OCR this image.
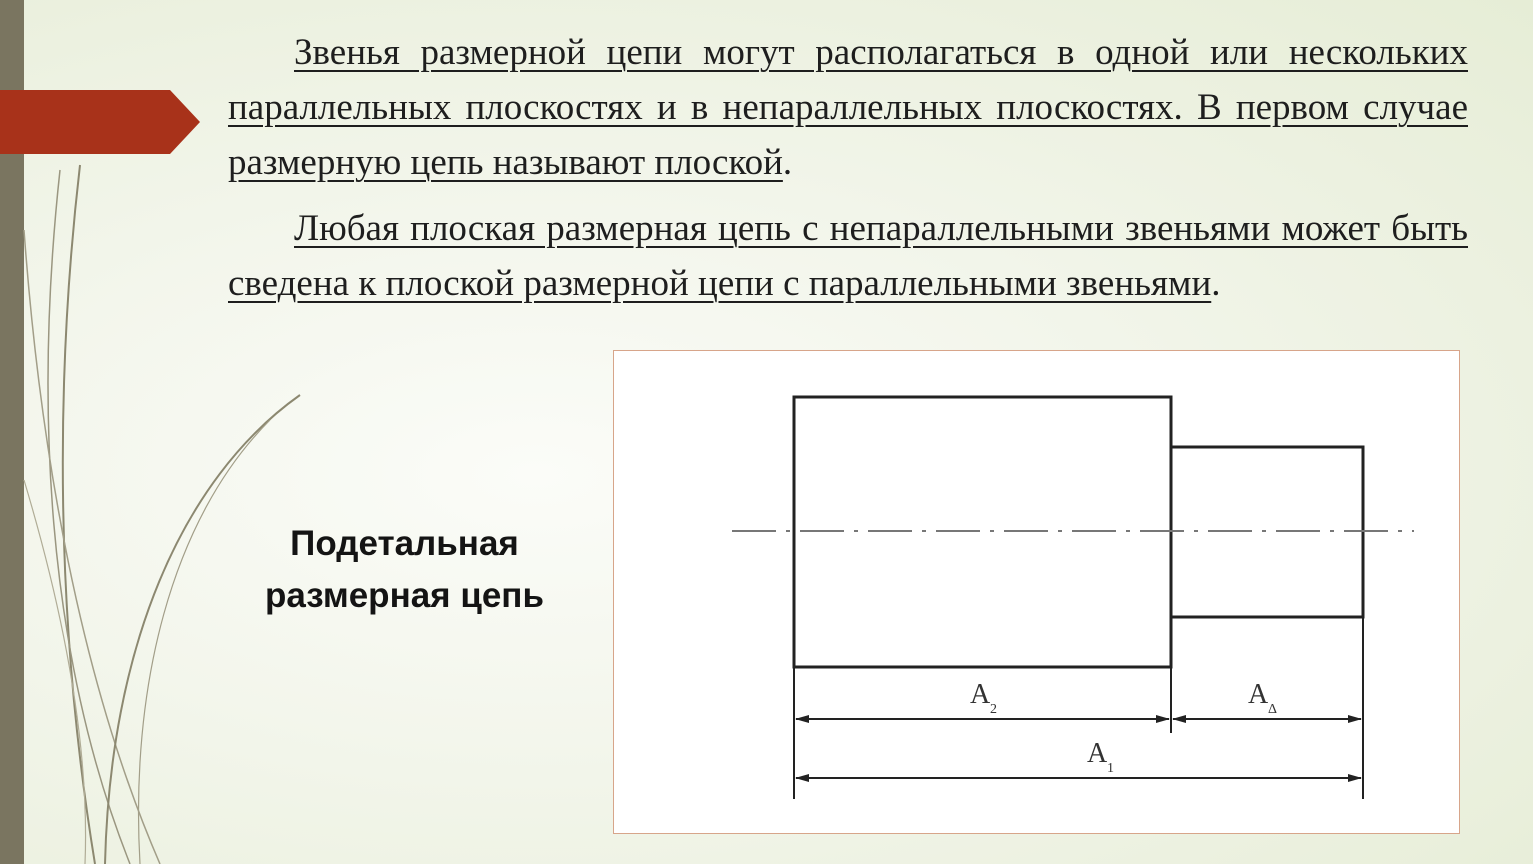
Звенья размерной цепи могут располагаться в одной или нескольких параллельных плоскостях и в непараллельных плоскостях. В первом случае размерную цепь называют плоской.

Любая плоская размерная цепь с непараллельными звеньями может быть сведена к плоской размерной цепи с параллельными звеньями.

Подетальная размерная цепь
A 2	A Δ
A 1
